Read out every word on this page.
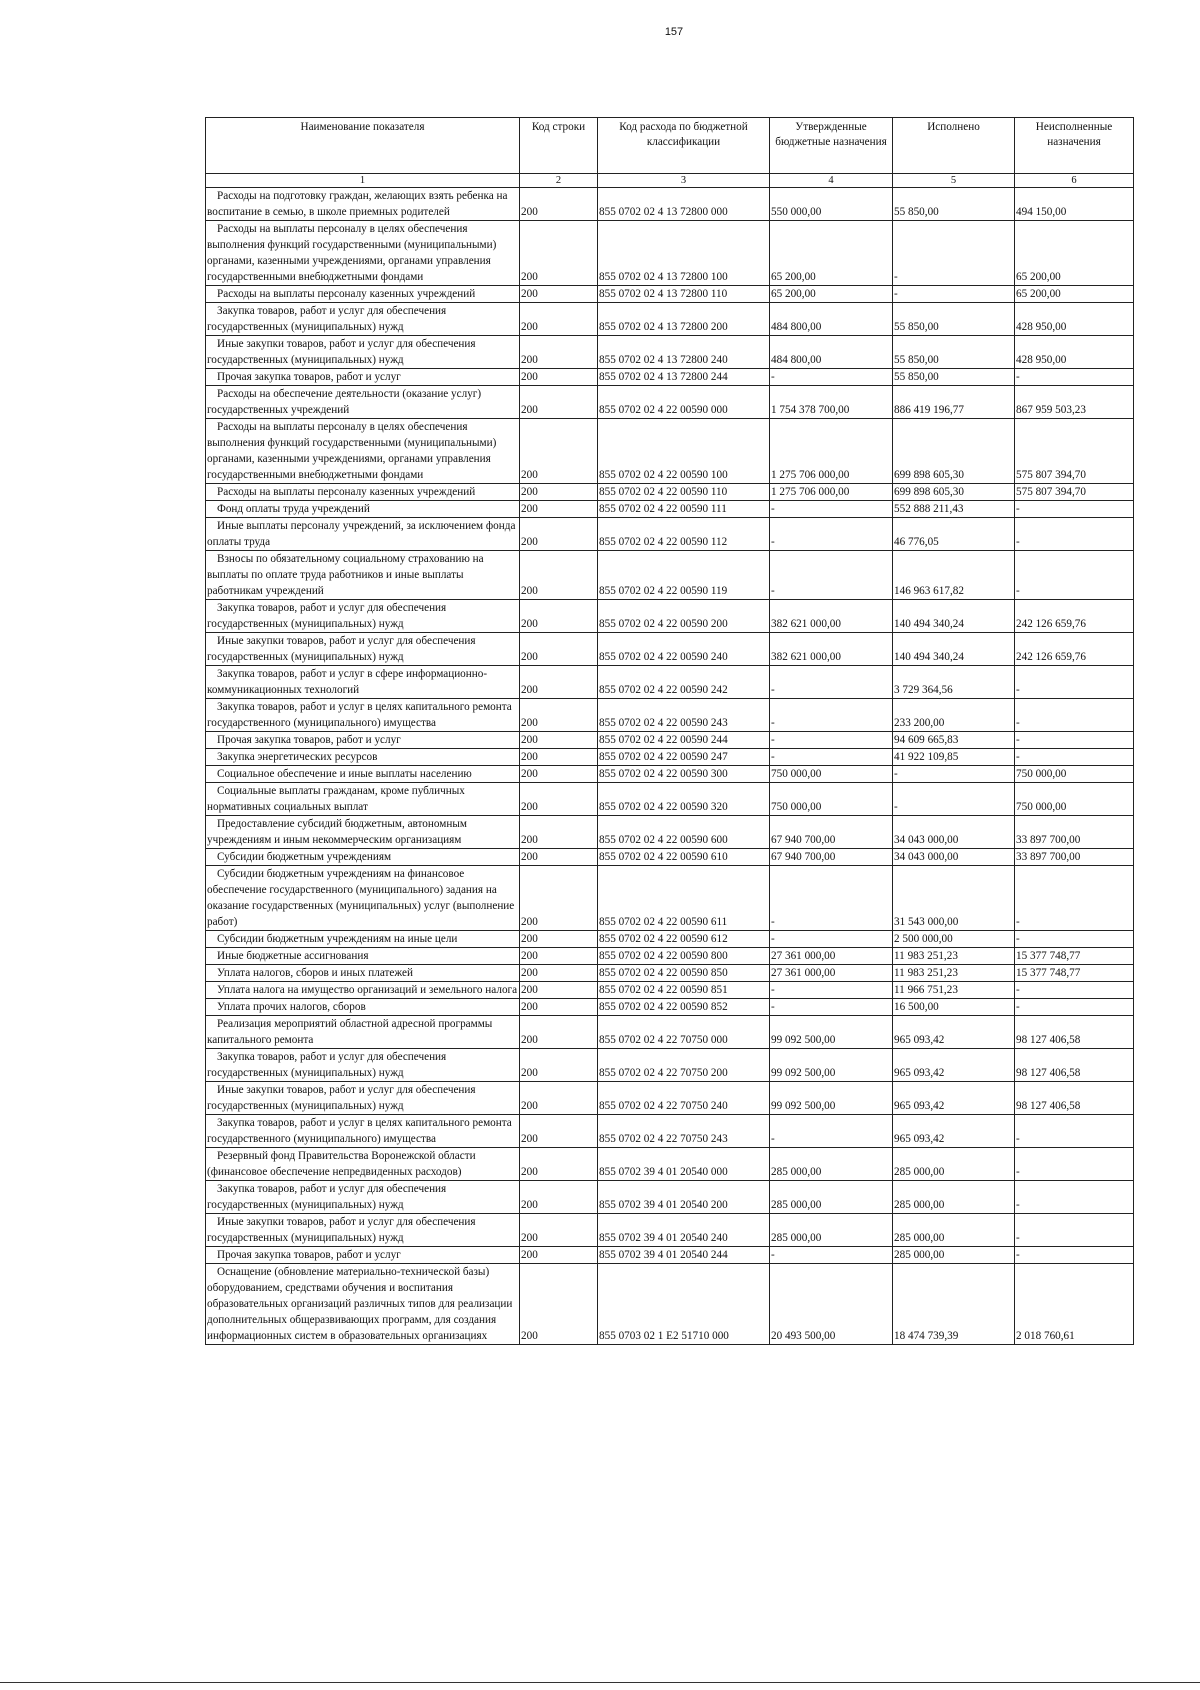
157
Наименование показателя	Код строки	Код расхода по бюджетной классификации	Утвержденные бюджетные назначения	Исполнено	Неисполненные назначения
1	2	3	4	5	6
Расходы на подготовку граждан, желающих взять ребенка на воспитание в семью, в школе приемных родителей	200	855 0702 02 4 13 72800 000	550 000,00	55 850,00	494 150,00
Расходы на выплаты персоналу в целях обеспечения выполнения функций государственными (муниципальными) органами, казенными учреждениями, органами управления государственными внебюджетными фондами	200	855 0702 02 4 13 72800 100	65 200,00	-	65 200,00
Расходы на выплаты персоналу казенных учреждений	200	855 0702 02 4 13 72800 110	65 200,00	-	65 200,00
Закупка товаров, работ и услуг для обеспечения государственных (муниципальных) нужд	200	855 0702 02 4 13 72800 200	484 800,00	55 850,00	428 950,00
Иные закупки товаров, работ и услуг для обеспечения государственных (муниципальных) нужд	200	855 0702 02 4 13 72800 240	484 800,00	55 850,00	428 950,00
Прочая закупка товаров, работ и услуг	200	855 0702 02 4 13 72800 244	-	55 850,00	-
Расходы на обеспечение деятельности (оказание услуг) государственных учреждений	200	855 0702 02 4 22 00590 000	1 754 378 700,00	886 419 196,77	867 959 503,23
Расходы на выплаты персоналу в целях обеспечения выполнения функций государственными (муниципальными) органами, казенными учреждениями, органами управления государственными внебюджетными фондами	200	855 0702 02 4 22 00590 100	1 275 706 000,00	699 898 605,30	575 807 394,70
Расходы на выплаты персоналу казенных учреждений	200	855 0702 02 4 22 00590 110	1 275 706 000,00	699 898 605,30	575 807 394,70
Фонд оплаты труда учреждений	200	855 0702 02 4 22 00590 111	-	552 888 211,43	-
Иные выплаты персоналу учреждений, за исключением фонда оплаты труда	200	855 0702 02 4 22 00590 112	-	46 776,05	-
Взносы по обязательному социальному страхованию на выплаты по оплате труда работников и иные выплаты работникам учреждений	200	855 0702 02 4 22 00590 119	-	146 963 617,82	-
Закупка товаров, работ и услуг для обеспечения государственных (муниципальных) нужд	200	855 0702 02 4 22 00590 200	382 621 000,00	140 494 340,24	242 126 659,76
Иные закупки товаров, работ и услуг для обеспечения государственных (муниципальных) нужд	200	855 0702 02 4 22 00590 240	382 621 000,00	140 494 340,24	242 126 659,76
Закупка товаров, работ и услуг в сфере информационно-коммуникационных технологий	200	855 0702 02 4 22 00590 242	-	3 729 364,56	-
Закупка товаров, работ и услуг в целях капитального ремонта государственного (муниципального) имущества	200	855 0702 02 4 22 00590 243	-	233 200,00	-
Прочая закупка товаров, работ и услуг	200	855 0702 02 4 22 00590 244	-	94 609 665,83	-
Закупка энергетических ресурсов	200	855 0702 02 4 22 00590 247	-	41 922 109,85	-
Социальное обеспечение и иные выплаты населению	200	855 0702 02 4 22 00590 300	750 000,00	-	750 000,00
Социальные выплаты гражданам, кроме публичных нормативных социальных выплат	200	855 0702 02 4 22 00590 320	750 000,00	-	750 000,00
Предоставление субсидий бюджетным, автономным учреждениям и иным некоммерческим организациям	200	855 0702 02 4 22 00590 600	67 940 700,00	34 043 000,00	33 897 700,00
Субсидии бюджетным учреждениям	200	855 0702 02 4 22 00590 610	67 940 700,00	34 043 000,00	33 897 700,00
Субсидии бюджетным учреждениям на финансовое обеспечение государственного (муниципального) задания на оказание государственных (муниципальных) услуг (выполнение работ)	200	855 0702 02 4 22 00590 611	-	31 543 000,00	-
Субсидии бюджетным учреждениям на иные цели	200	855 0702 02 4 22 00590 612	-	2 500 000,00	-
Иные бюджетные ассигнования	200	855 0702 02 4 22 00590 800	27 361 000,00	11 983 251,23	15 377 748,77
Уплата налогов, сборов и иных платежей	200	855 0702 02 4 22 00590 850	27 361 000,00	11 983 251,23	15 377 748,77
Уплата налога на имущество организаций и земельного налога	200	855 0702 02 4 22 00590 851	-	11 966 751,23	-
Уплата прочих налогов, сборов	200	855 0702 02 4 22 00590 852	-	16 500,00	-
Реализация мероприятий областной адресной программы капитального ремонта	200	855 0702 02 4 22 70750 000	99 092 500,00	965 093,42	98 127 406,58
Закупка товаров, работ и услуг для обеспечения государственных (муниципальных) нужд	200	855 0702 02 4 22 70750 200	99 092 500,00	965 093,42	98 127 406,58
Иные закупки товаров, работ и услуг для обеспечения государственных (муниципальных) нужд	200	855 0702 02 4 22 70750 240	99 092 500,00	965 093,42	98 127 406,58
Закупка товаров, работ и услуг в целях капитального ремонта государственного (муниципального) имущества	200	855 0702 02 4 22 70750 243	-	965 093,42	-
Резервный фонд Правительства Воронежской области (финансовое обеспечение непредвиденных расходов)	200	855 0702 39 4 01 20540 000	285 000,00	285 000,00	-
Закупка товаров, работ и услуг для обеспечения государственных (муниципальных) нужд	200	855 0702 39 4 01 20540 200	285 000,00	285 000,00	-
Иные закупки товаров, работ и услуг для обеспечения государственных (муниципальных) нужд	200	855 0702 39 4 01 20540 240	285 000,00	285 000,00	-
Прочая закупка товаров, работ и услуг	200	855 0702 39 4 01 20540 244	-	285 000,00	-
Оснащение (обновление материально-технической базы) оборудованием, средствами обучения и воспитания образовательных организаций различных типов для реализации дополнительных общеразвивающих программ, для создания информационных систем в образовательных организациях	200	855 0703 02 1 E2 51710 000	20 493 500,00	18 474 739,39	2 018 760,61
